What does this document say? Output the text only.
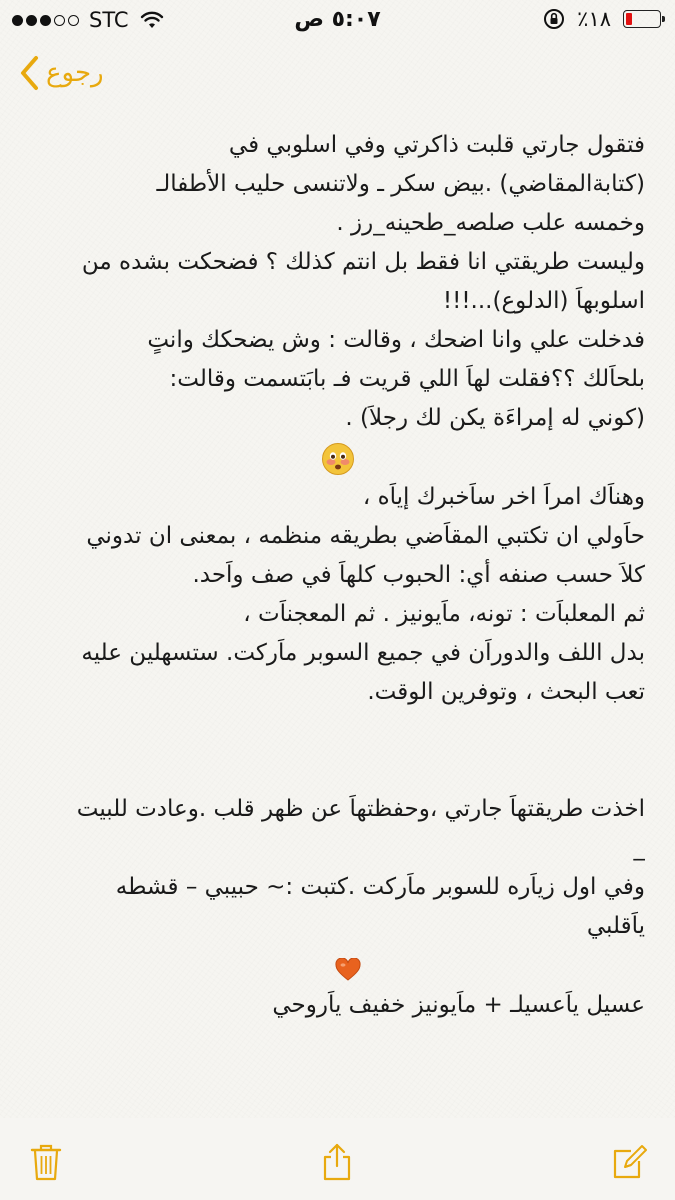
STC	٥:٠٧ ص	٪١٨
رجوع
فتقول جارتي قلبت ذاكرتي وفي اسلوبي في
(كتابةالمقاضي) .بيض سكر ـ ولاتنسى حليب الأطفالـ
وخمسه علب صلصه_طحينه_رز .
وليست طريقتي انا فقط بل انتم كذلك ؟ فضحكت بشده من
اسلوبهاَ (الدلوع)...!!!
فدخلت علي وانا اضحك ، وقالت : وش يضحكك وانتٍ
بلحاَلك ؟؟فقلت لهاَ اللي قريت فـ بابَتسمت وقالت:
(كوني له إمراءَة يكن لك رجلاَ) .
وهناَك امراَ اخر ساَخبرك إياَه ،
حاَولي ان تكتبي المقاَضي بطريقه منظمه ، بمعنى ان تدوني
كلاَ حسب صنفه أي: الحبوب كلهاَ في صف واَحد.
ثم المعلباَت : تونه، ماَيونيز . ثم المعجناَت ،
بدل اللف والدوراَن في جميع السوبر ماَركت. ستسهلين عليه
تعب البحث ، وتوفرين الوقت.
اخذت طريقتهاَ جارتي ،وحفظتهاَ عن ظهر قلب .وعادت للبيت
_
وفي اول زياَره للسوبر ماَركت .كتبت :~ حبيبي – قشطه
ياَقلبي
عسيل ياَعسيلـ + ماَيونيز خفيف ياَروحي
